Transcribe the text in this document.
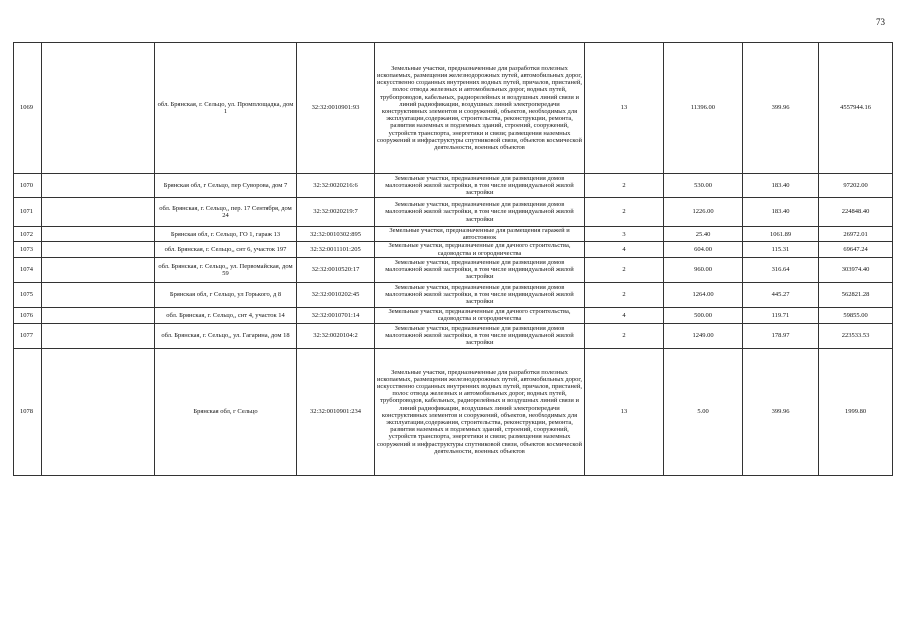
73
1069		обл. Брянская, г. Сельцо, ул. Промплощадка, дом 1	32:32:0010901:93	Земельные участки, предназначенные для разработки полезных ископаемых, размещения железнодорожных путей, автомобильных дорог, искусственно созданных внутренних водных путей, причалов, пристаней, полос отвода железных и автомобильных дорог, водных путей, трубопроводов, кабельных, радиорелейных и воздушных линий связи и линий радиофикации, воздушных линий электропередачи конструктивных элементов и сооружений, объектов, необходимых для эксплуатации,содержания, строительства, реконструкции, ремонта, развития наземных и подземных зданий, строений, сооружений, устройств транспорта, энергетики и связи; размещения наземных сооружений и инфраструктуры спутниковой связи, объектов космической деятельности, военных объектов	13	11396.00	399.96	4557944.16
1070		Брянская обл, г Сельцо, пер Суворова, дом 7	32:32:0020216:6	Земельные участки, предназначенные для размещения домов малоэтажной жилой застройки, в том числе индивидуальной жилой застройки	2	530.00	183.40	97202.00
1071		обл. Брянская, г. Сельцо,, пер. 17 Сентября, дом 24	32:32:0020219:7	Земельные участки, предназначенные для размещения домов малоэтажной жилой застройки, в том числе индивидуальной жилой застройки	2	1226.00	183.40	224848.40
1072		Брянская обл, г. Сельцо, ГО 1, гараж 13	32:32:0010302:895	Земельные участки, предназначенные для размещения гаражей и автостоянок	3	25.40	1061.89	26972.01
1073		обл. Брянская, г. Сельцо,, снт 6, участок 197	32:32:0011101:205	Земельные участки, предназначенные для дачного строительства, садоводства и огородничества	4	604.00	115.31	69647.24
1074		обл. Брянская, г. Сельцо,, ул. Первомайская, дом 59	32:32:0010520:17	Земельные участки, предназначенные для размещения домов малоэтажной жилой застройки, в том числе индивидуальной жилой застройки	2	960.00	316.64	303974.40
1075		Брянская обл, г Сельцо, ул Горького, д 8	32:32:0010202:45	Земельные участки, предназначенные для размещения домов малоэтажной жилой застройки, в том числе индивидуальной жилой застройки	2	1264.00	445.27	562821.28
1076		обл. Брянская, г. Сельцо,, снт 4, участок 14	32:32:0010701:14	Земельные участки, предназначенные для дачного строительства, садоводства и огородничества	4	500.00	119.71	59855.00
1077		обл. Брянская, г. Сельцо,, ул. Гагарина, дом 18	32:32:0020104:2	Земельные участки, предназначенные для размещения домов малоэтажной жилой застройки, в том числе индивидуальной жилой застройки	2	1249.00	178.97	223533.53
1078		Брянская обл, г Сельцо	32:32:0010901:234	Земельные участки, предназначенные для разработки полезных ископаемых, размещения железнодорожных путей, автомобильных дорог, искусственно созданных внутренних водных путей, причалов, пристаней, полос отвода железных и автомобильных дорог, водных путей, трубопроводов, кабельных, радиорелейных и воздушных линий связи и линий радиофикации, воздушных линий электропередачи конструктивных элементов и сооружений, объектов, необходимых для эксплуатации,содержания, строительства, реконструкции, ремонта, развития наземных и подземных зданий, строений, сооружений, устройств транспорта, энергетики и связи; размещения наземных сооружений и инфраструктуры спутниковой связи, объектов космической деятельности, военных объектов	13	5.00	399.96	1999.80
